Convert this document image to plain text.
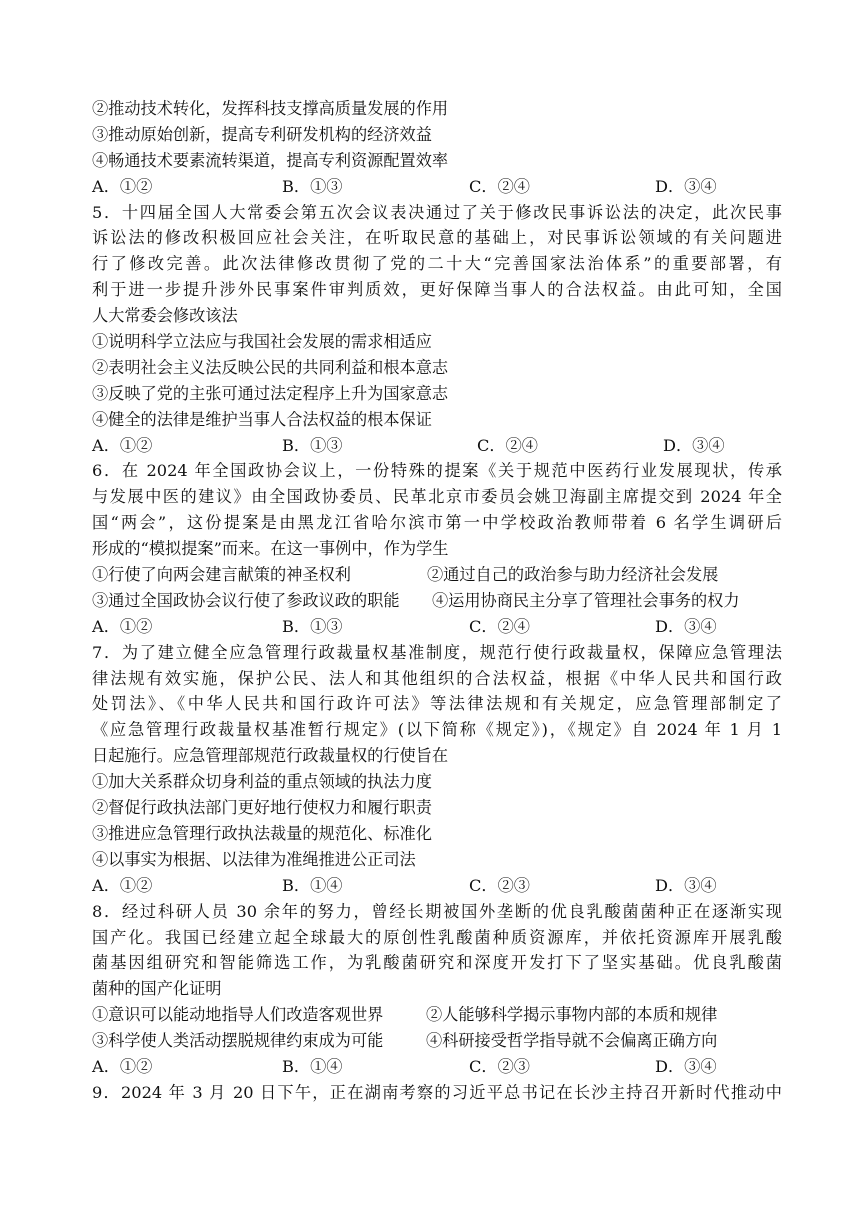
②推动技术转化，发挥科技支撑高质量发展的作用
③推动原始创新，提高专利研发机构的经济效益
④畅通技术要素流转渠道，提高专利资源配置效率
A．①②	B．①③	C．②④	D．③④
5．十四届全国人大常委会第五次会议表决通过了关于修改民事诉讼法的决定，此次民事
诉讼法的修改积极回应社会关注，在听取民意的基础上，对民事诉讼领域的有关问题进
行了修改完善。此次法律修改贯彻了党的二十大“完善国家法治体系”的重要部署，有
利于进一步提升涉外民事案件审判质效，更好保障当事人的合法权益。由此可知，全国
人大常委会修改该法
①说明科学立法应与我国社会发展的需求相适应
②表明社会主义法反映公民的共同利益和根本意志
③反映了党的主张可通过法定程序上升为国家意志
④健全的法律是维护当事人合法权益的根本保证
A．①②	B．①③	C．②④	D．③④
6．在 2024 年全国政协会议上，一份特殊的提案《关于规范中医药行业发展现状，传承
与发展中医的建议》由全国政协委员、民革北京市委员会姚卫海副主席提交到 2024 年全
国“两会”，这份提案是由黑龙江省哈尔滨市第一中学校政治教师带着 6 名学生调研后
形成的“模拟提案”而来。在这一事例中，作为学生
①行使了向两会建言献策的神圣权利	②通过自己的政治参与助力经济社会发展
③通过全国政协会议行使了参政议政的职能 ④运用协商民主分享了管理社会事务的权力
A．①②	B．①③	C．②④	D．③④
7．为了建立健全应急管理行政裁量权基准制度，规范行使行政裁量权，保障应急管理法
律法规有效实施，保护公民、法人和其他组织的合法权益，根据《中华人民共和国行政
处罚法》、《中华人民共和国行政许可法》等法律法规和有关规定，应急管理部制定了
《应急管理行政裁量权基准暂行规定》(以下简称《规定》)，《规定》自 2024 年 1 月 1
日起施行。应急管理部规范行政裁量权的行使旨在
①加大关系群众切身利益的重点领域的执法力度
②督促行政执法部门更好地行使权力和履行职责
③推进应急管理行政执法裁量的规范化、标准化
④以事实为根据、以法律为准绳推进公正司法
A．①②	B．①④	C．②③	D．③④
8．经过科研人员 30 余年的努力，曾经长期被国外垄断的优良乳酸菌菌种正在逐渐实现
国产化。我国已经建立起全球最大的原创性乳酸菌种质资源库，并依托资源库开展乳酸
菌基因组研究和智能筛选工作，为乳酸菌研究和深度开发打下了坚实基础。优良乳酸菌
菌种的国产化证明
①意识可以能动地指导人们改造客观世界	②人能够科学揭示事物内部的本质和规律
③科学使人类活动摆脱规律约束成为可能	④科研接受哲学指导就不会偏离正确方向
A．①②	B．①④	C．②③	D．③④
9．2024 年 3 月 20 日下午，正在湖南考察的习近平总书记在长沙主持召开新时代推动中
